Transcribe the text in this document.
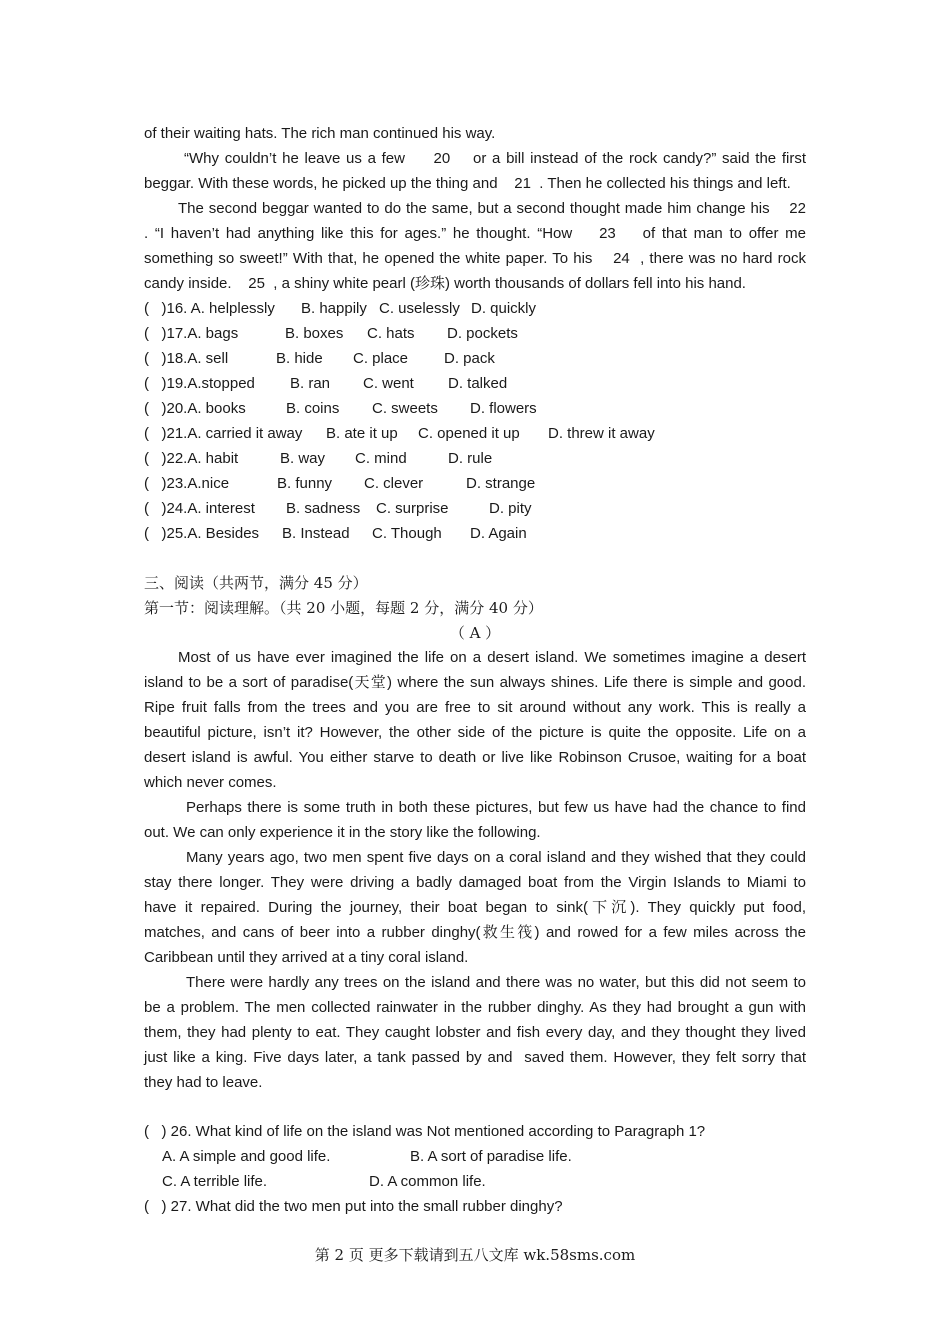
of their waiting hats. The rich man continued his way.
“Why couldn’t he leave us a few     20    or a bill instead of the rock candy?” said the first
beggar. With these words, he picked up the thing and    21  . Then he collected his things and left.
The second beggar wanted to do the same, but a second thought made him change his    22
. “I haven’t had anything like this for ages.” he thought. “How    23    of that man to offer me
something so sweet!” With that, he opened the white paper. To his    24  , there was no hard rock
candy inside.    25  , a shiny white pearl (珍珠) worth thousands of dollars fell into his hand.
(   )16. A. helplessly B. happily C. uselessly D. quickly
(   )17.A. bags	B. boxes C. hats D. pockets
(   )18.A. sell	B. hide C. place D. pack
(   )19.A.stopped B. ran C. went D. talked
(   )20.A. books	B. coins C. sweets D. flowers
(   )21.A. carried it away B. ate it up C. opened it up D. threw it away
(   )22.A. habit	B. way C. mind	D. rule
(   )23.A.nice	B. funny C. clever	D. strange
(   )24.A. interest B. sadness C. surprise	D. pity
(   )25.A. Besides B. Instead C. Though D. Again
三、阅读（共两节，满分 45 分）
第一节：阅读理解。（共 20 小题，每题 2 分，满分 40 分）
（ A ）
Most of us have ever imagined the life on a desert island. We sometimes imagine a desert
island to be a sort of paradise(天堂) where the sun always shines. Life there is simple and good.
Ripe fruit falls from the trees and you are free to sit around without any work. This is really a
beautiful picture, isn’t it? However, the other side of the picture is quite the opposite. Life on a
desert island is awful. You either starve to death or live like Robinson Crusoe, waiting for a boat
which never comes.
Perhaps there is some truth in both these pictures, but few us have had the chance to find
out. We can only experience it in the story like the following.
Many years ago, two men spent five days on a coral island and they wished that they could
stay there longer. They were driving a badly damaged boat from the Virgin Islands to Miami to
have it repaired. During the journey, their boat began to sink(下沉). They quickly put food,
matches, and cans of beer into a rubber dinghy(救生筏) and rowed for a few miles across the
Caribbean until they arrived at a tiny coral island.
There were hardly any trees on the island and there was no water, but this did not seem to
be a problem. The men collected rainwater in the rubber dinghy. As they had brought a gun with
them, they had plenty to eat. They caught lobster and fish every day, and they thought they lived
just like a king. Five days later, a tank passed by and  saved them. However, they felt sorry that
they had to leave.
(   ) 26. What kind of life on the island was Not mentioned according to Paragraph 1?
A. A simple and good life.	B. A sort of paradise life.
C. A terrible life.	D. A common life.
(   ) 27. What did the two men put into the small rubber dinghy?
第 2 页 更多下载请到五八文库 wk.58sms.com
